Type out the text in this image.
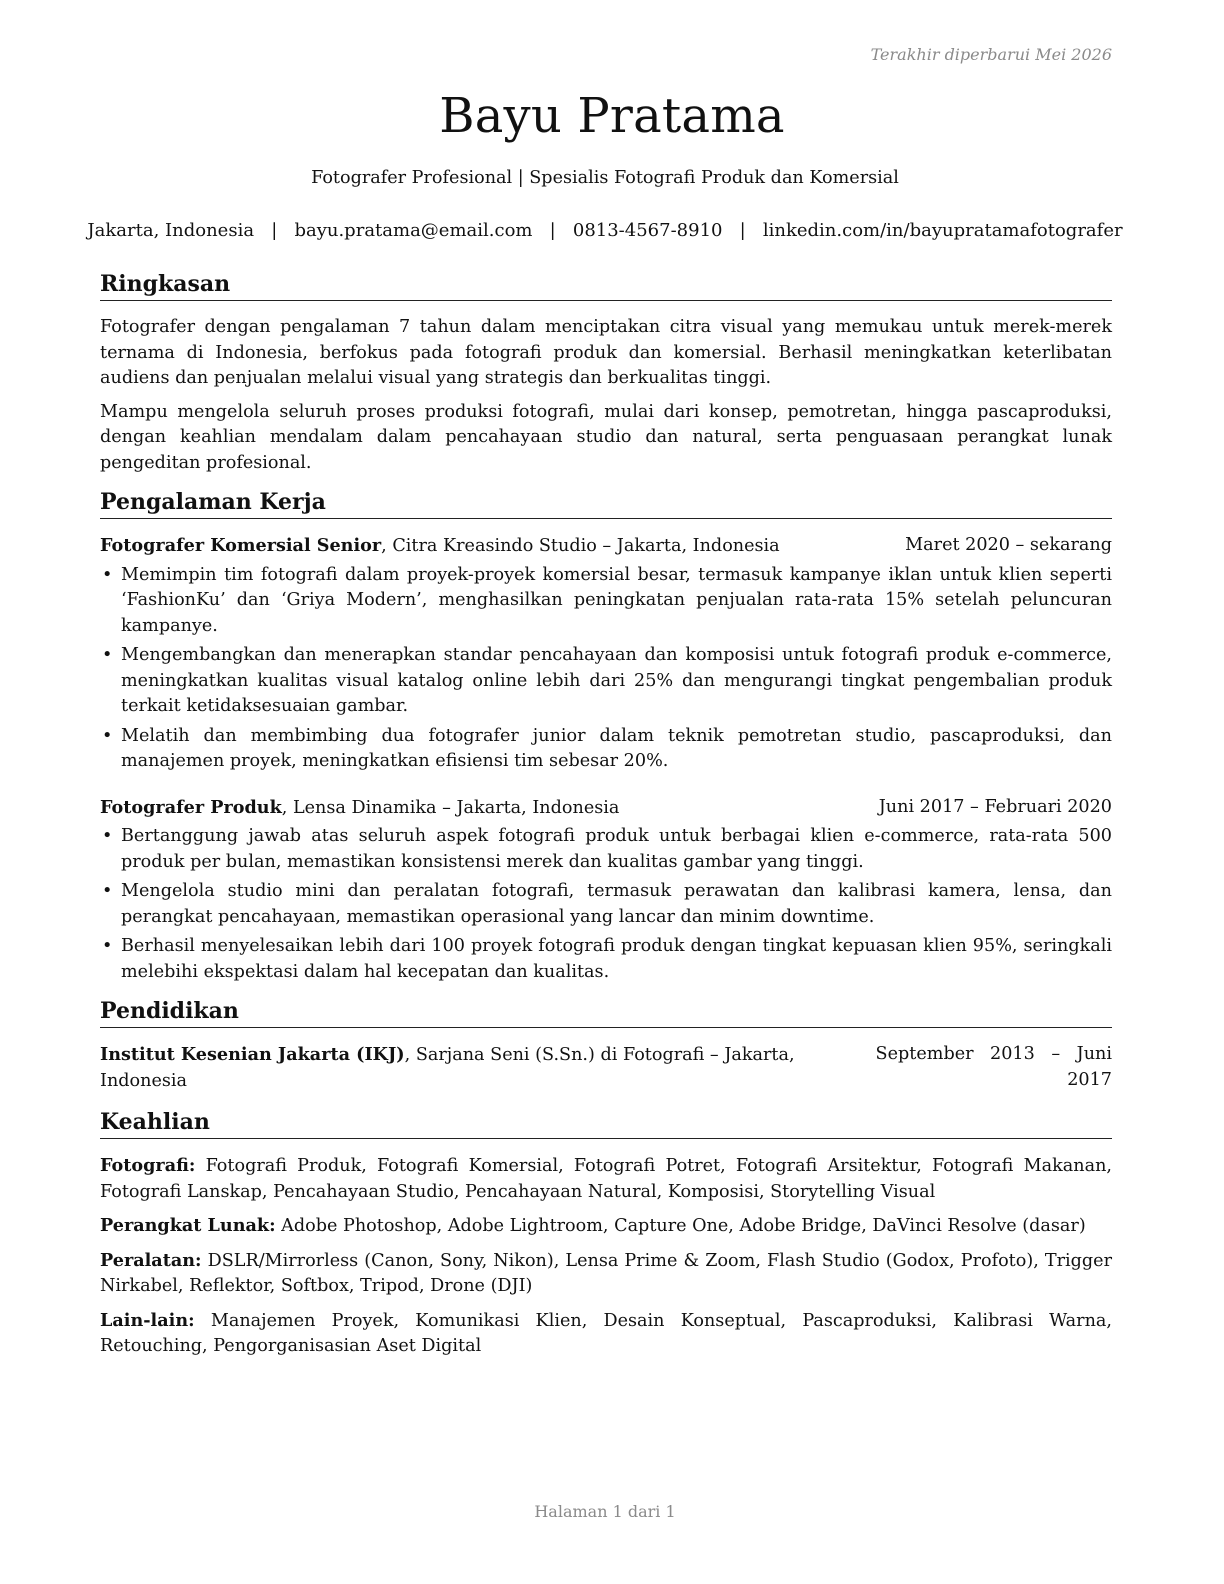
Terakhir diperbarui Mei 2026
Bayu Pratama
Fotografer Profesional | Spesialis Fotografi Produk dan Komersial
Jakarta, Indonesia   |   bayu.pratama@email.com   |   0813-4567-8910   |   linkedin.com/in/bayupratamafotografer
Ringkasan

Fotografer dengan pengalaman 7 tahun dalam menciptakan citra visual yang memukau untuk merek-merek ternama di Indonesia, berfokus pada fotografi produk dan komersial. Berhasil meningkatkan keterlibatan audiens dan penjualan melalui visual yang strategis dan berkualitas tinggi.

Mampu mengelola seluruh proses produksi fotografi, mulai dari konsep, pemotretan, hingga pascaproduksi, dengan keahlian mendalam dalam pencahayaan studio dan natural, serta penguasaan perangkat lunak pengeditan profesional.

Pengalaman Kerja
Fotografer Komersial Senior, Citra Kreasindo Studio – Jakarta, Indonesia	Maret 2020 – sekarang
• Memimpin tim fotografi dalam proyek-proyek komersial besar, termasuk kampanye iklan untuk klien seperti ‘FashionKu’ dan ‘Griya Modern’, menghasilkan peningkatan penjualan rata-rata 15% setelah peluncuran kampanye.
• Mengembangkan dan menerapkan standar pencahayaan dan komposisi untuk fotografi produk e-commerce, meningkatkan kualitas visual katalog online lebih dari 25% dan mengurangi tingkat pengembalian produk terkait ketidaksesuaian gambar.
• Melatih dan membimbing dua fotografer junior dalam teknik pemotretan studio, pascaproduksi, dan manajemen proyek, meningkatkan efisiensi tim sebesar 20%.
Fotografer Produk, Lensa Dinamika – Jakarta, Indonesia	Juni 2017 – Februari 2020
• Bertanggung jawab atas seluruh aspek fotografi produk untuk berbagai klien e-commerce, rata-rata 500 produk per bulan, memastikan konsistensi merek dan kualitas gambar yang tinggi.
• Mengelola studio mini dan peralatan fotografi, termasuk perawatan dan kalibrasi kamera, lensa, dan perangkat pencahayaan, memastikan operasional yang lancar dan minim downtime.
• Berhasil menyelesaikan lebih dari 100 proyek fotografi produk dengan tingkat kepuasan klien 95%, seringkali melebihi ekspektasi dalam hal kecepatan dan kualitas.
Pendidikan
Institut Kesenian Jakarta (IKJ), Sarjana Seni (S.Sn.) di Fotografi – Jakarta, Indonesia
September 2013 – Juni 2017
Keahlian
Fotografi: Fotografi Produk, Fotografi Komersial, Fotografi Potret, Fotografi Arsitektur, Fotografi Makanan, Fotografi Lanskap, Pencahayaan Studio, Pencahayaan Natural, Komposisi, Storytelling Visual
Perangkat Lunak: Adobe Photoshop, Adobe Lightroom, Capture One, Adobe Bridge, DaVinci Resolve (dasar)
Peralatan: DSLR/Mirrorless (Canon, Sony, Nikon), Lensa Prime & Zoom, Flash Studio (Godox, Profoto), Trigger Nirkabel, Reflektor, Softbox, Tripod, Drone (DJI)
Lain-lain: Manajemen Proyek, Komunikasi Klien, Desain Konseptual, Pascaproduksi, Kalibrasi Warna, Retouching, Pengorganisasian Aset Digital
Halaman 1 dari 1
